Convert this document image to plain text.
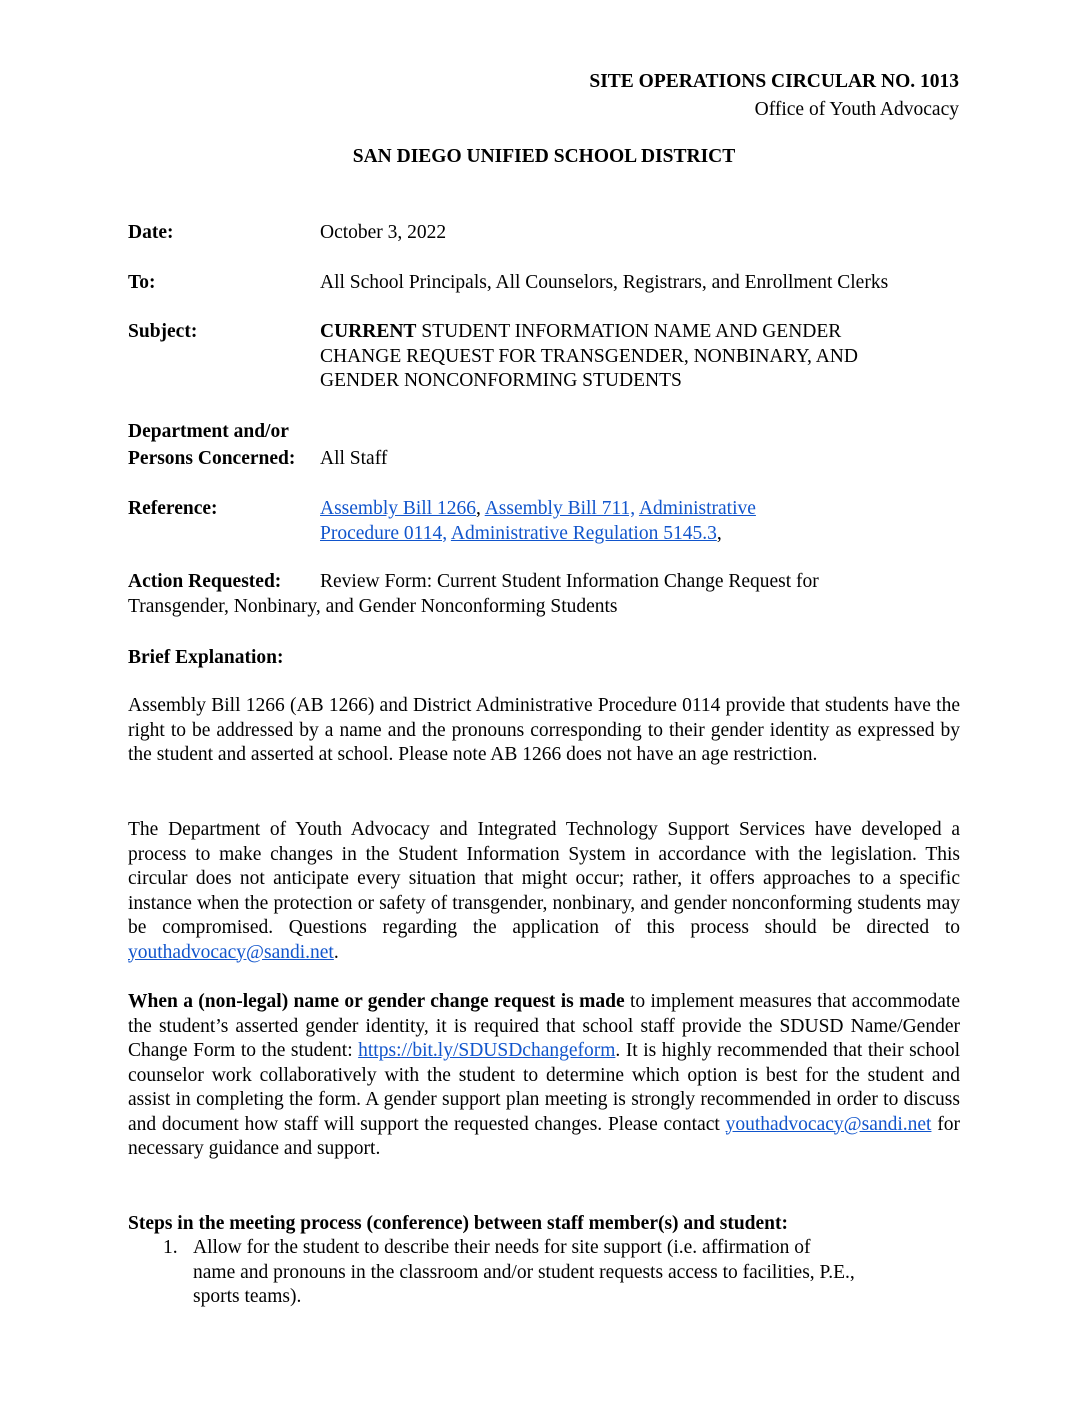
SITE OPERATIONS CIRCULAR NO. 1013
Office of Youth Advocacy
SAN DIEGO UNIFIED SCHOOL DISTRICT
Date:	October 3, 2022
To:	All School Principals, All Counselors, Registrars, and Enrollment Clerks
Subject:	CURRENT STUDENT INFORMATION NAME AND GENDER
CHANGE REQUEST FOR TRANSGENDER, NONBINARY, AND
GENDER NONCONFORMING STUDENTS
Department and/or
Persons Concerned: All Staff
Reference:	Assembly Bill 1266, Assembly Bill 711, Administrative
Procedure 0114, Administrative Regulation 5145.3,
Action Requested: Review Form: Current Student Information Change Request for
Transgender, Nonbinary, and Gender Nonconforming Students
Brief Explanation:

Assembly Bill 1266 (AB 1266) and District Administrative Procedure 0114 provide that students have the right to be addressed by a name and the pronouns corresponding to their gender identity as expressed by the student and asserted at school. Please note AB 1266 does not have an age restriction.

The Department of Youth Advocacy and Integrated Technology Support Services have developed a process to make changes in the Student Information System in accordance with the legislation. This circular does not anticipate every situation that might occur; rather, it offers approaches to a specific instance when the protection or safety of transgender, nonbinary, and gender nonconforming students may be compromised. Questions regarding the application of this process should be directed to youthadvocacy@sandi.net.

When a (non-legal) name or gender change request is made to implement measures that accommodate the student’s asserted gender identity, it is required that school staff provide the SDUSD Name/Gender Change Form to the student: https://bit.ly/SDUSDchangeform. It is highly recommended that their school counselor work collaboratively with the student to determine which option is best for the student and assist in completing the form. A gender support plan meeting is strongly recommended in order to discuss and document how staff will support the requested changes. Please contact youthadvocacy@sandi.net for necessary guidance and support.

Steps in the meeting process (conference) between staff member(s) and student:
1. Allow for the student to describe their needs for site support (i.e. affirmation of
name and pronouns in the classroom and/or student requests access to facilities, P.E.,
sports teams).
